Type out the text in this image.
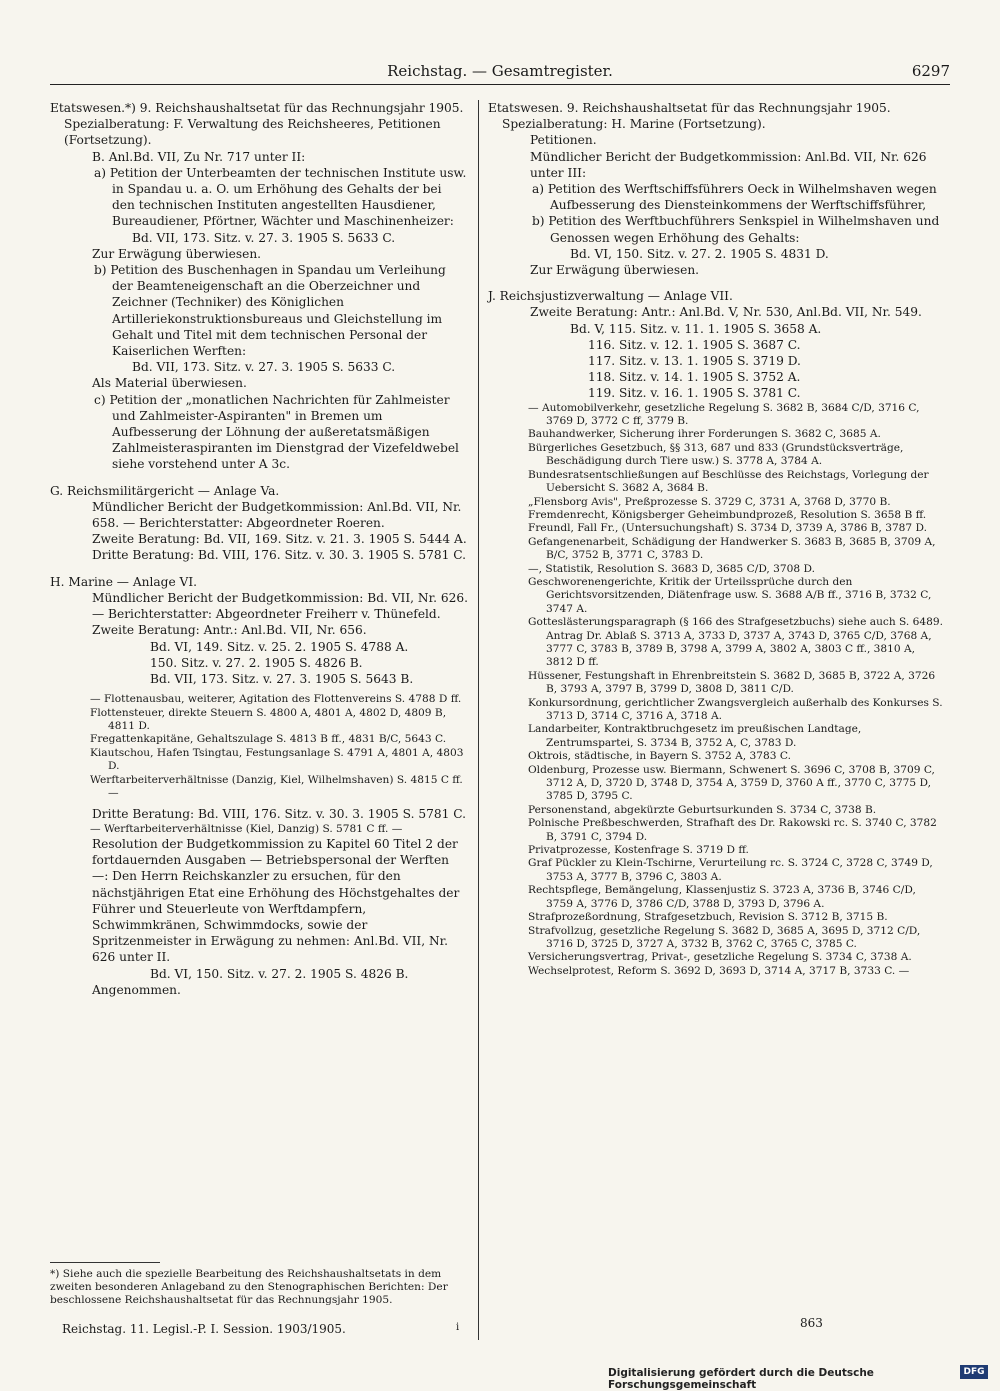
Reichstag. — Gesamtregister.	6297
Etatswesen.*) 9. Reichshaushaltsetat für das Rechnungsjahr 1905. Spezialberatung: F. Verwaltung des Reichsheeres, Petitionen (Fortsetzung).
B. Anl.Bd. VII, Zu Nr. 717 unter II:
a) Petition der Unterbeamten der technischen Institute usw. in Spandau u. a. O. um Erhöhung des Gehalts der bei den technischen Instituten angestellten Hausdiener, Bureaudiener, Pförtner, Wächter und Maschinenheizer:
Bd. VII, 173. Sitz. v. 27. 3. 1905 S. 5633 C.
Zur Erwägung überwiesen.
b) Petition des Buschenhagen in Spandau um Verleihung der Beamteneigenschaft an die Oberzeichner und Zeichner (Techniker) des Königlichen Artilleriekonstruktionsbureaus und Gleichstellung im Gehalt und Titel mit dem technischen Personal der Kaiserlichen Werften:
Bd. VII, 173. Sitz. v. 27. 3. 1905 S. 5633 C.
Als Material überwiesen.
c) Petition der „monatlichen Nachrichten für Zahlmeister und Zahlmeister-Aspiranten" in Bremen um Aufbesserung der Löhnung der außeretatsmäßigen Zahlmeisteraspiranten im Dienstgrad der Vizefeldwebel siehe vorstehend unter A 3c.
G. Reichsmilitärgericht — Anlage Va.
Mündlicher Bericht der Budgetkommission: Anl.Bd. VII, Nr. 658. — Berichterstatter: Abgeordneter Roeren.
Zweite Beratung: Bd. VII, 169. Sitz. v. 21. 3. 1905 S. 5444 A.
Dritte Beratung: Bd. VIII, 176. Sitz. v. 30. 3. 1905 S. 5781 C.
H. Marine — Anlage VI.
Mündlicher Bericht der Budgetkommission: Bd. VII, Nr. 626. — Berichterstatter: Abgeordneter Freiherr v. Thünefeld.
Zweite Beratung: Antr.: Anl.Bd. VII, Nr. 656.
Bd. VI, 149. Sitz. v. 25. 2. 1905 S. 4788 A.
150. Sitz. v. 27. 2. 1905 S. 4826 B.
Bd. VII, 173. Sitz. v. 27. 3. 1905 S. 5643 B.
— Flottenausbau, weiterer, Agitation des Flottenvereins S. 4788 D ff.
Flottensteuer, direkte Steuern S. 4800 A, 4801 A, 4802 D, 4809 B, 4811 D.
Fregattenkapitäne, Gehaltszulage S. 4813 B ff., 4831 B/C, 5643 C.
Kiautschou, Hafen Tsingtau, Festungsanlage S. 4791 A, 4801 A, 4803 D.
Werftarbeiterverhältnisse (Danzig, Kiel, Wilhelmshaven) S. 4815 C ff. —
Dritte Beratung: Bd. VIII, 176. Sitz. v. 30. 3. 1905 S. 5781 C.
— Werftarbeiterverhältnisse (Kiel, Danzig) S. 5781 C ff. —
Resolution der Budgetkommission zu Kapitel 60 Titel 2 der fortdauernden Ausgaben — Betriebspersonal der Werften —: Den Herrn Reichskanzler zu ersuchen, für den nächstjährigen Etat eine Erhöhung des Höchstgehaltes der Führer und Steuerleute von Werftdampfern, Schwimmkränen, Schwimmdocks, sowie der Spritzenmeister in Erwägung zu nehmen: Anl.Bd. VII, Nr. 626 unter II.
Bd. VI, 150. Sitz. v. 27. 2. 1905 S. 4826 B.
Angenommen.
Etatswesen. 9. Reichshaushaltsetat für das Rechnungsjahr 1905. Spezialberatung: H. Marine (Fortsetzung).
Petitionen.
Mündlicher Bericht der Budgetkommission: Anl.Bd. VII, Nr. 626 unter III:
a) Petition des Werftschiffsführers Oeck in Wilhelmshaven wegen Aufbesserung des Diensteinkommens der Werftschiffsführer,
b) Petition des Werftbuchführers Senkspiel in Wilhelmshaven und Genossen wegen Erhöhung des Gehalts:
Bd. VI, 150. Sitz. v. 27. 2. 1905 S. 4831 D.
Zur Erwägung überwiesen.
J. Reichsjustizverwaltung — Anlage VII.
Zweite Beratung: Antr.: Anl.Bd. V, Nr. 530, Anl.Bd. VII, Nr. 549.
Bd. V, 115. Sitz. v. 11. 1. 1905 S. 3658 A.
116. Sitz. v. 12. 1. 1905 S. 3687 C.
117. Sitz. v. 13. 1. 1905 S. 3719 D.
118. Sitz. v. 14. 1. 1905 S. 3752 A.
119. Sitz. v. 16. 1. 1905 S. 3781 C.
— Automobilverkehr, gesetzliche Regelung S. 3682 B, 3684 C/D, 3716 C, 3769 D, 3772 C ff, 3779 B.
Bauhandwerker, Sicherung ihrer Forderungen S. 3682 C, 3685 A.
Bürgerliches Gesetzbuch, §§ 313, 687 und 833 (Grundstücksverträge, Beschädigung durch Tiere usw.) S. 3778 A, 3784 A.
Bundesratsentschließungen auf Beschlüsse des Reichstags, Vorlegung der Uebersicht S. 3682 A, 3684 B.
„Flensborg Avis", Preßprozesse S. 3729 C, 3731 A, 3768 D, 3770 B.
Fremdenrecht, Königsberger Geheimbundprozeß, Resolution S. 3658 B ff.
Freundl, Fall Fr., (Untersuchungshaft) S. 3734 D, 3739 A, 3786 B, 3787 D.
Gefangenenarbeit, Schädigung der Handwerker S. 3683 B, 3685 B, 3709 A, B/C, 3752 B, 3771 C, 3783 D.
—, Statistik, Resolution S. 3683 D, 3685 C/D, 3708 D.
Geschworenengerichte, Kritik der Urteilssprüche durch den Gerichtsvorsitzenden, Diätenfrage usw. S. 3688 A/B ff., 3716 B, 3732 C, 3747 A.
Gotteslästerungsparagraph (§ 166 des Strafgesetzbuchs) siehe auch S. 6489. Antrag Dr. Ablaß S. 3713 A, 3733 D, 3737 A, 3743 D, 3765 C/D, 3768 A, 3777 C, 3783 B, 3789 B, 3798 A, 3799 A, 3802 A, 3803 C ff., 3810 A, 3812 D ff.
Hüssener, Festungshaft in Ehrenbreitstein S. 3682 D, 3685 B, 3722 A, 3726 B, 3793 A, 3797 B, 3799 D, 3808 D, 3811 C/D.
Konkursordnung, gerichtlicher Zwangsvergleich außerhalb des Konkurses S. 3713 D, 3714 C, 3716 A, 3718 A.
Landarbeiter, Kontraktbruchgesetz im preußischen Landtage, Zentrumspartei, S. 3734 B, 3752 A, C, 3783 D.
Oktrois, städtische, in Bayern S. 3752 A, 3783 C.
Oldenburg, Prozesse usw. Biermann, Schwenert S. 3696 C, 3708 B, 3709 C, 3712 A, D, 3720 D, 3748 D, 3754 A, 3759 D, 3760 A ff., 3770 C, 3775 D, 3785 D, 3795 C.
Personenstand, abgekürzte Geburtsurkunden S. 3734 C, 3738 B.
Polnische Preßbeschwerden, Strafhaft des Dr. Rakowski rc. S. 3740 C, 3782 B, 3791 C, 3794 D.
Privatprozesse, Kostenfrage S. 3719 D ff.
Graf Pückler zu Klein-Tschirne, Verurteilung rc. S. 3724 C, 3728 C, 3749 D, 3753 A, 3777 B, 3796 C, 3803 A.
Rechtspflege, Bemängelung, Klassenjustiz S. 3723 A, 3736 B, 3746 C/D, 3759 A, 3776 D, 3786 C/D, 3788 D, 3793 D, 3796 A.
Strafprozeßordnung, Strafgesetzbuch, Revision S. 3712 B, 3715 B.
Strafvollzug, gesetzliche Regelung S. 3682 D, 3685 A, 3695 D, 3712 C/D, 3716 D, 3725 D, 3727 A, 3732 B, 3762 C, 3765 C, 3785 C.
Versicherungsvertrag, Privat-, gesetzliche Regelung S. 3734 C, 3738 A.
Wechselprotest, Reform S. 3692 D, 3693 D, 3714 A, 3717 B, 3733 C. —
*) Siehe auch die spezielle Bearbeitung des Reichshaushaltsetats in dem zweiten besonderen Anlageband zu den Stenographischen Berichten: Der beschlossene Reichshaushaltsetat für das Rechnungsjahr 1905.
Reichstag. 11. Legisl.-P. I. Session. 1903/1905.	i	863
Digitalisierung gefördert durch die Deutsche Forschungsgemeinschaft
DFG
